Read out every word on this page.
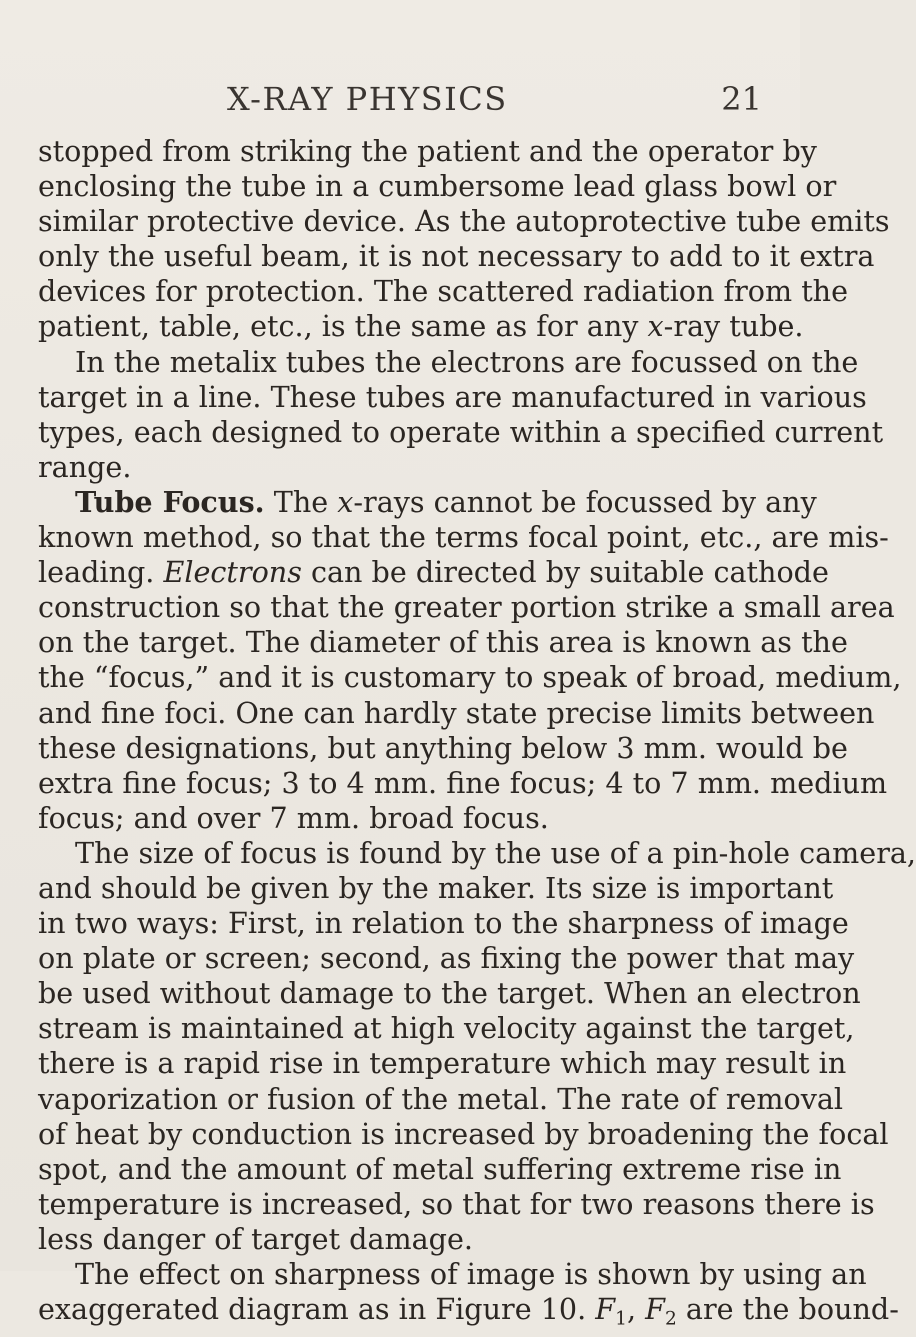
X-RAY PHYSICS	21
stopped from striking the patient and the operator by
enclosing the tube in a cumbersome lead glass bowl or
similar protective device. As the autoprotective tube emits
only the useful beam, it is not necessary to add to it extra
devices for protection. The scattered radiation from the
patient, table, etc., is the same as for any x-ray tube.
In the metalix tubes the electrons are focussed on the
target in a line. These tubes are manufactured in various
types, each designed to operate within a specified current
range.
Tube Focus. The x-rays cannot be focussed by any
known method, so that the terms focal point, etc., are mis-
leading. Electrons can be directed by suitable cathode
construction so that the greater portion strike a small area
on the target. The diameter of this area is known as the
the “focus,” and it is customary to speak of broad, medium,
and fine foci. One can hardly state precise limits between
these designations, but anything below 3 mm. would be
extra fine focus; 3 to 4 mm. fine focus; 4 to 7 mm. medium
focus; and over 7 mm. broad focus.
The size of focus is found by the use of a pin-hole camera,
and should be given by the maker. Its size is important
in two ways: First, in relation to the sharpness of image
on plate or screen; second, as fixing the power that may
be used without damage to the target. When an electron
stream is maintained at high velocity against the target,
there is a rapid rise in temperature which may result in
vaporization or fusion of the metal. The rate of removal
of heat by conduction is increased by broadening the focal
spot, and the amount of metal suffering extreme rise in
temperature is increased, so that for two reasons there is
less danger of target damage.
The effect on sharpness of image is shown by using an
exaggerated diagram as in Figure 10. $F_1$, $F_2$ are the bound-
